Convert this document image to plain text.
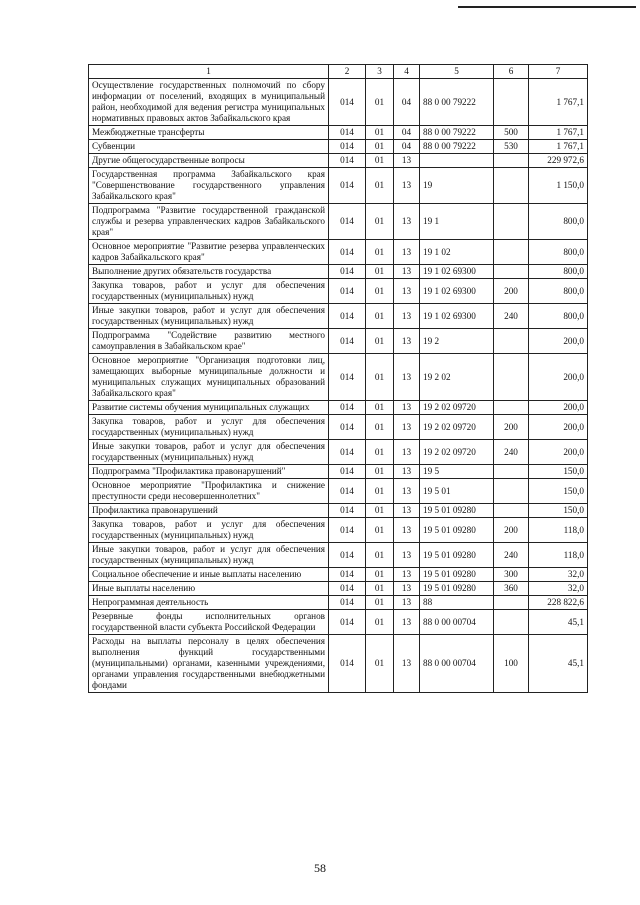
1	2	3	4	5	6	7
Осуществление государственных полномочий по сбору информации от поселений, входящих в муниципальный район, необходимой для ведения регистра муниципальных нормативных правовых актов Забайкальского края	014	01	04	88 0 00 79222		1 767,1
Межбюджетные трансферты	014	01	04	88 0 00 79222	500	1 767,1
Субвенции	014	01	04	88 0 00 79222	530	1 767,1
Другие общегосударственные вопросы	014	01	13			229 972,6
Государственная программа Забайкальского края "Совершенствование государственного управления Забайкальского края"	014	01	13	19		1 150,0
Подпрограмма "Развитие государственной гражданской службы и резерва управленческих кадров Забайкальского края"	014	01	13	19 1		800,0
Основное мероприятие "Развитие резерва управленческих кадров Забайкальского края"	014	01	13	19 1 02		800,0
Выполнение других обязательств государства	014	01	13	19 1 02 69300		800,0
Закупка товаров, работ и услуг для обеспечения государственных (муниципальных) нужд	014	01	13	19 1 02 69300	200	800,0
Иные закупки товаров, работ и услуг для обеспечения государственных (муниципальных) нужд	014	01	13	19 1 02 69300	240	800,0
Подпрограмма "Содействие развитию местного самоуправления в Забайкальском крае"	014	01	13	19 2		200,0
Основное мероприятие "Организация подготовки лиц, замещающих выборные муниципальные должности и муниципальных служащих муниципальных образований Забайкальского края"	014	01	13	19 2 02		200,0
Развитие системы обучения муниципальных служащих	014	01	13	19 2 02 09720		200,0
Закупка товаров, работ и услуг для обеспечения государственных (муниципальных) нужд	014	01	13	19 2 02 09720	200	200,0
Иные закупки товаров, работ и услуг для обеспечения государственных (муниципальных) нужд	014	01	13	19 2 02 09720	240	200,0
Подпрограмма "Профилактика правонарушений"	014	01	13	19 5		150,0
Основное мероприятие "Профилактика и снижение преступности среди несовершеннолетних"	014	01	13	19 5 01		150,0
Профилактика правонарушений	014	01	13	19 5 01 09280		150,0
Закупка товаров, работ и услуг для обеспечения государственных (муниципальных) нужд	014	01	13	19 5 01 09280	200	118,0
Иные закупки товаров, работ и услуг для обеспечения государственных (муниципальных) нужд	014	01	13	19 5 01 09280	240	118,0
Социальное обеспечение и иные выплаты населению	014	01	13	19 5 01 09280	300	32,0
Иные выплаты населению	014	01	13	19 5 01 09280	360	32,0
Непрограммная деятельность	014	01	13	88		228 822,6
Резервные фонды исполнительных органов государственной власти субъекта Российской Федерации	014	01	13	88 0 00 00704		45,1
Расходы на выплаты персоналу в целях обеспечения выполнения функций государственными (муниципальными) органами, казенными учреждениями, органами управления государственными внебюджетными фондами	014	01	13	88 0 00 00704	100	45,1
58
